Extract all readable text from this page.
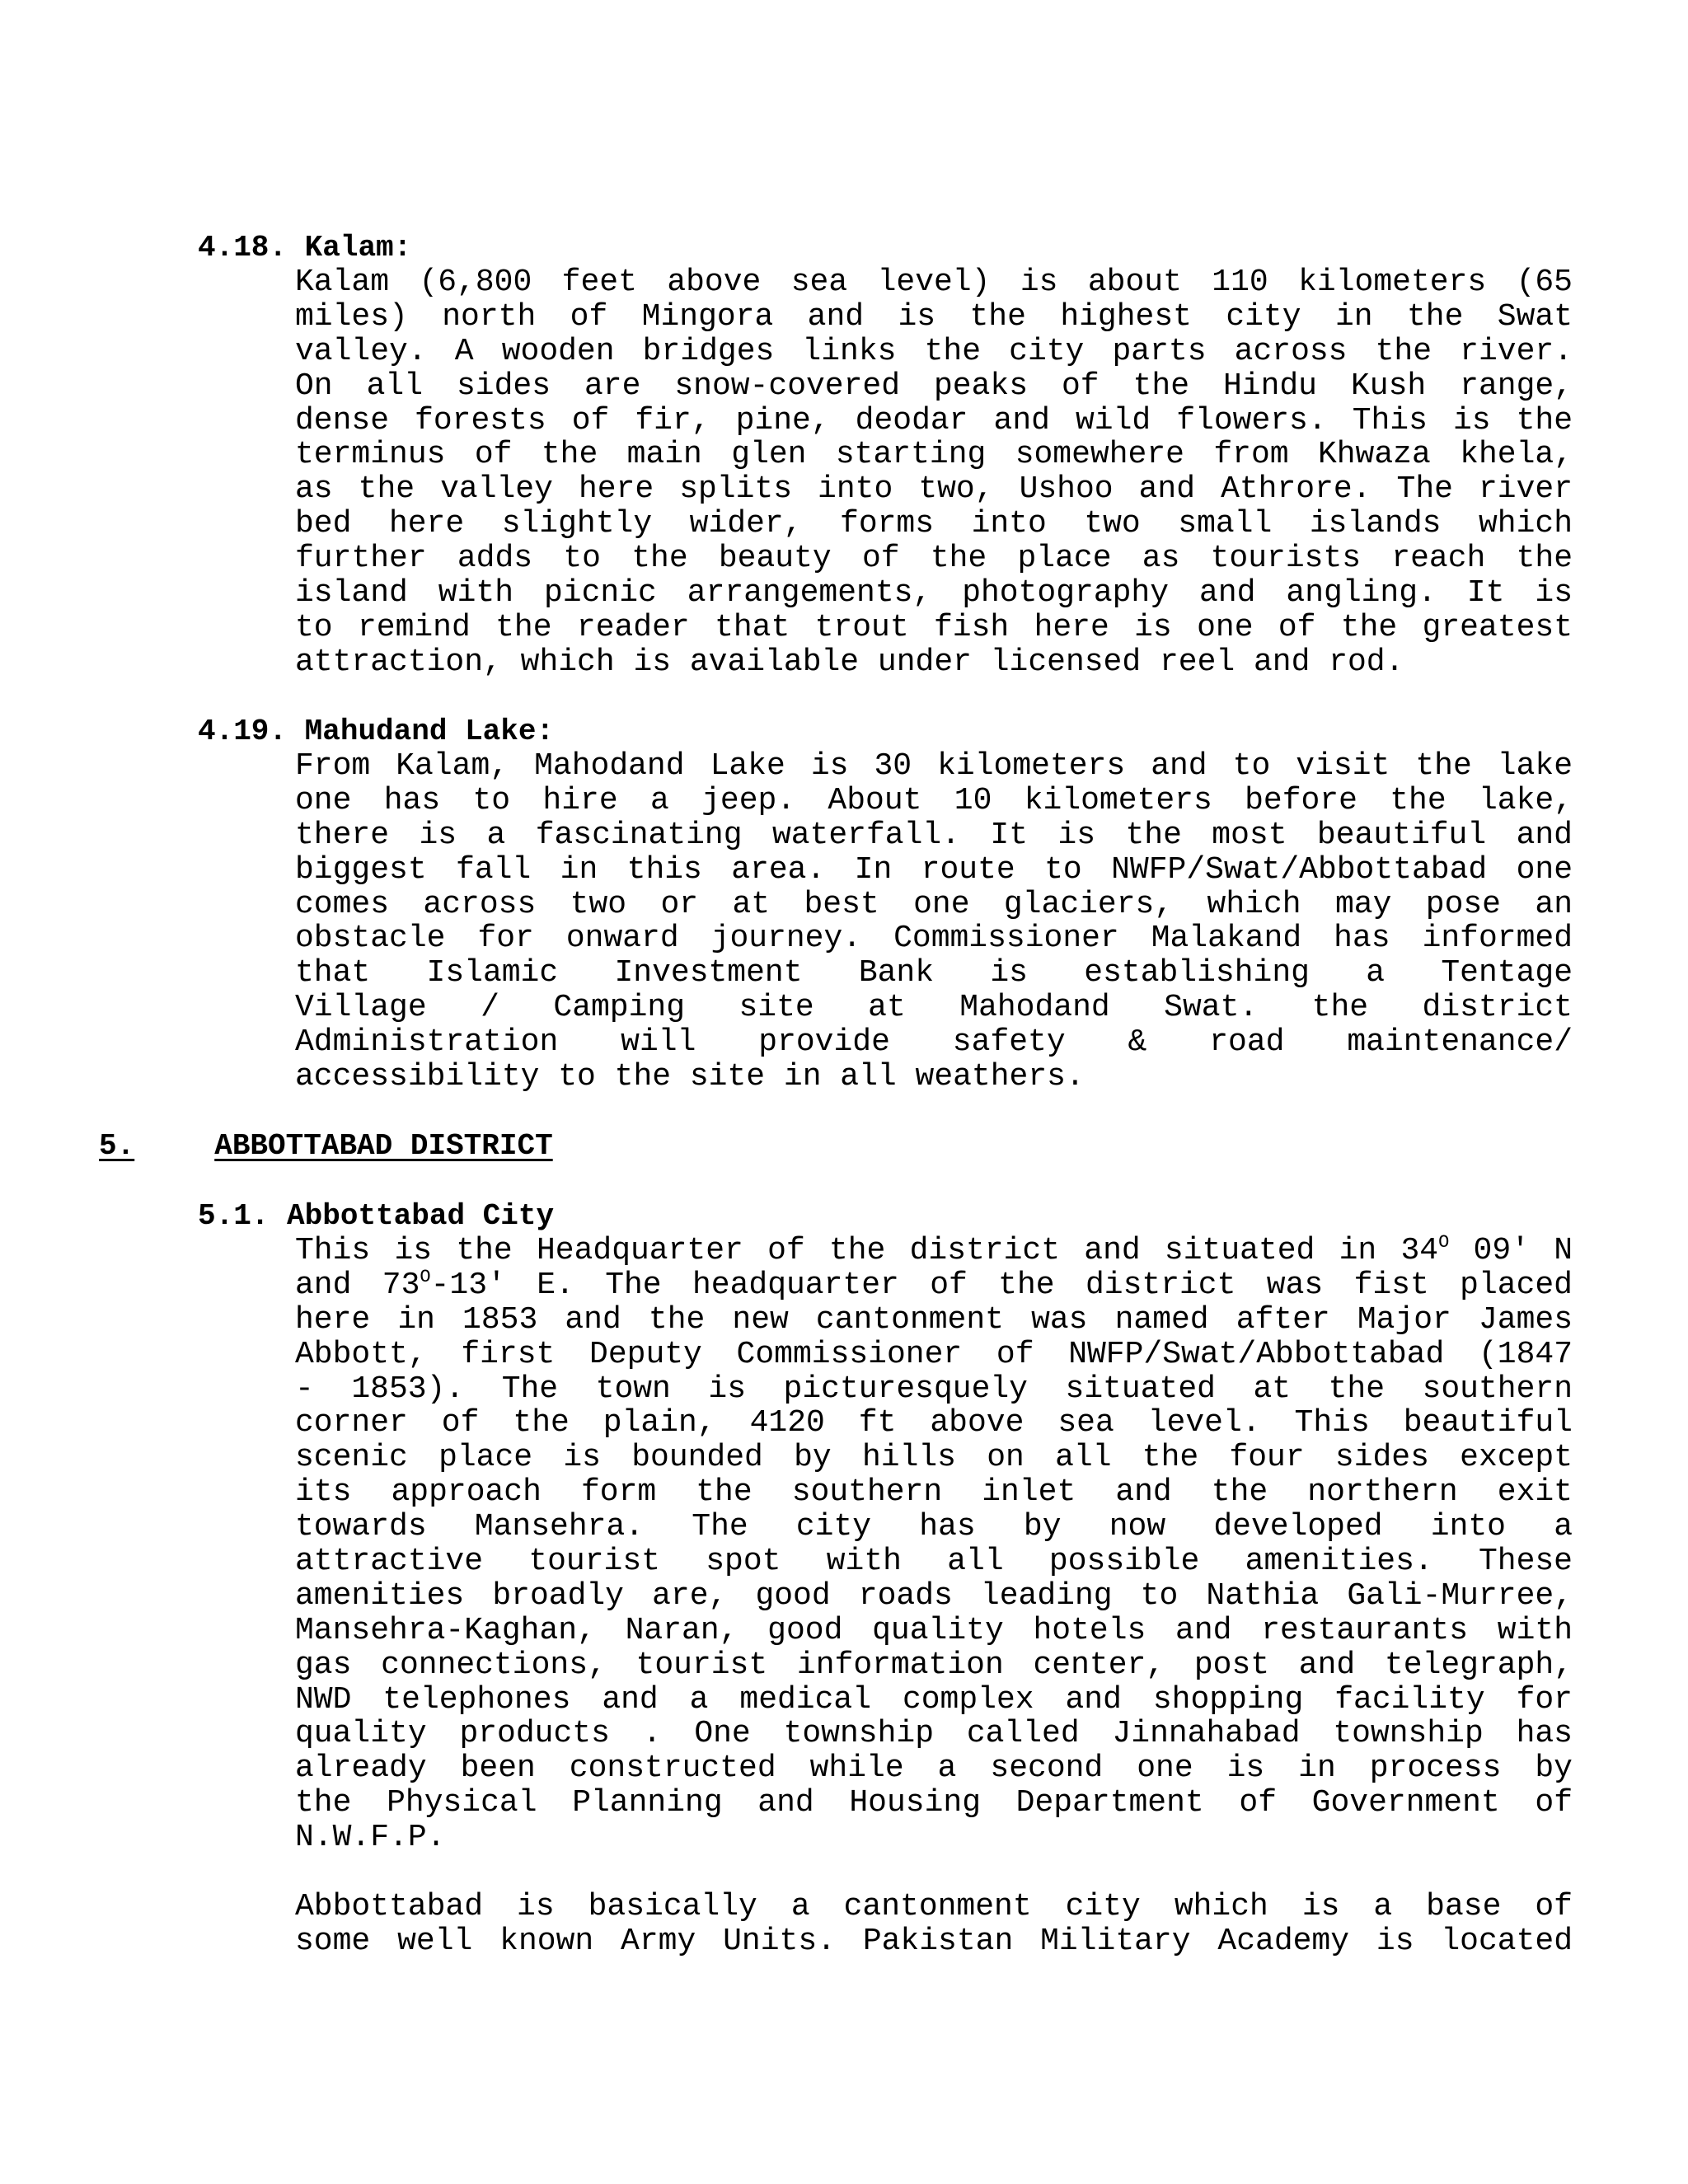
4.18. Kalam:
Kalam (6,800 feet above sea level) is about 110 kilometers (65
miles) north of Mingora and is the highest city in the Swat
valley. A wooden bridges links the city parts across the river.
On all sides are snow-covered peaks of the Hindu Kush range,
dense forests of fir, pine, deodar and wild flowers. This is the
terminus of the main glen starting somewhere from Khwaza khela,
as the valley here splits into two, Ushoo and Athrore. The river
bed here slightly wider, forms into two small islands which
further adds to the beauty of the place as tourists reach the
island with picnic arrangements, photography and angling. It is
to remind the reader that trout fish here is one of the greatest
attraction, which is available under licensed reel and rod.
4.19. Mahudand Lake:
From Kalam, Mahodand Lake is 30 kilometers and to visit the lake
one has to hire a jeep. About 10 kilometers before the lake,
there is a fascinating waterfall. It is the most beautiful and
biggest fall in this area. In route to NWFP/Swat/Abbottabad one
comes across two or at best one glaciers, which may pose an
obstacle for onward journey. Commissioner Malakand has informed
that Islamic Investment Bank is establishing a Tentage
Village / Camping site at Mahodand Swat. the district
Administration will provide safety & road maintenance/
accessibility to the site in all weathers.
5.	ABBOTTABAD DISTRICT
5.1. Abbottabad City
This is the Headquarter of the district and situated in $34^O$ 09' N
and $73^O-13'$ E. The headquarter of the district was fist placed
here in 1853 and the new cantonment was named after Major James
Abbott, first Deputy Commissioner of NWFP/Swat/Abbottabad (1847
- 1853). The town is picturesquely situated at the southern
corner of the plain, 4120 ft above sea level. This beautiful
scenic place is bounded by hills on all the four sides except
its approach form the southern inlet and the northern exit
towards Mansehra. The city has by now developed into a
attractive tourist spot with all possible amenities. These
amenities broadly are, good roads leading to Nathia Gali-Murree,
Mansehra-Kaghan, Naran, good quality hotels and restaurants with
gas connections, tourist information center, post and telegraph,
NWD telephones and a medical complex and shopping facility for
quality products . One township called Jinnahabad township has
already been constructed while a second one is in process by
the Physical Planning and Housing Department of Government of
N.W.F.P.
Abbottabad is basically a cantonment city which is a base of
some well known Army Units. Pakistan Military Academy is located
